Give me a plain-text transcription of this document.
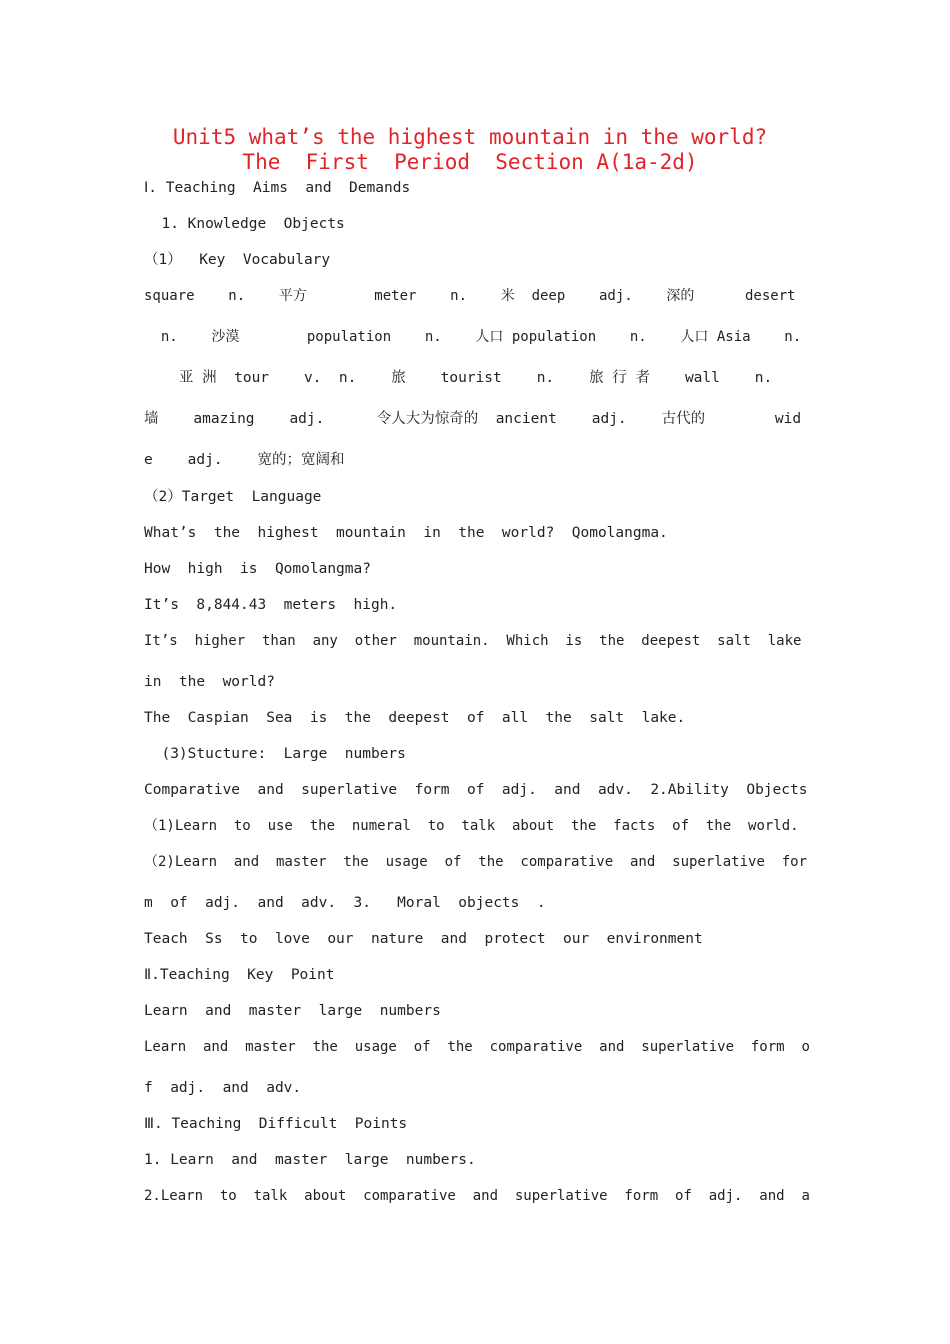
Unit5 what’s the highest mountain in the world?
The  First  Period  Section A(1a-2d)
Ⅰ. Teaching  Aims  and  Demands
1. Knowledge  Objects
（1）  Key  Vocabulary
square    n.    平方        meter    n.    米  deep    adj.    深的      desert
n.    沙漠        population    n.    人口 population    n.    人口 Asia    n.
亚 洲  tour    v.  n.    旅    tourist    n.    旅 行 者    wall    n.
墙    amazing    adj.      令人大为惊奇的  ancient    adj.    古代的        wid
e    adj.    宽的；宽阔和
（2）Target  Language
What’s  the  highest  mountain  in  the  world?  Qomolangma.
How  high  is  Qomolangma?
It’s  8,844.43  meters  high.
It’s  higher  than  any  other  mountain.  Which  is  the  deepest  salt  lake
in  the  world?
The  Caspian  Sea  is  the  deepest  of  all  the  salt  lake.
(3)Stucture:  Large  numbers
Comparative  and  superlative  form  of  adj.  and  adv.  2.Ability  Objects
（1)Learn  to  use  the  numeral  to  talk  about  the  facts  of  the  world.
（2)Learn  and  master  the  usage  of  the  comparative  and  superlative  for
m  of  adj.  and  adv.  3.   Moral  objects  .
Teach  Ss  to  love  our  nature  and  protect  our  environment
Ⅱ.Teaching  Key  Point
Learn  and  master  large  numbers
Learn  and  master  the  usage  of  the  comparative  and  superlative  form  o
f  adj.  and  adv.
Ⅲ. Teaching  Difficult  Points
1. Learn  and  master  large  numbers.
2.Learn  to  talk  about  comparative  and  superlative  form  of  adj.  and  a
